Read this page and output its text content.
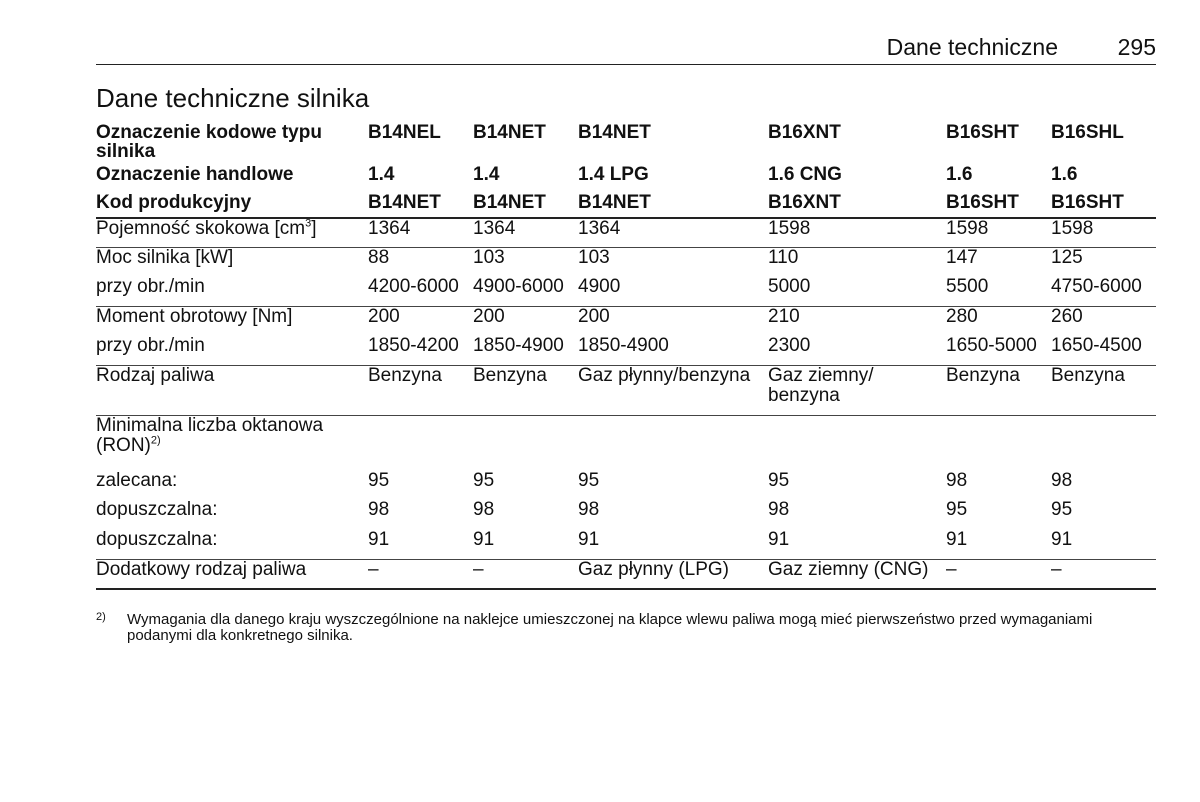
Dane techniczne	295
Dane techniczne silnika
Oznaczenie kodowe typu silnika	B14NEL	B14NET	B14NET	B16XNT	B16SHT	B16SHL
Oznaczenie handlowe	1.4	1.4	1.4 LPG	1.6 CNG	1.6	1.6
Kod produkcyjny	B14NET	B14NET	B14NET	B16XNT	B16SHT	B16SHT
Pojemność skokowa $[cm^3]$	1364	1364	1364	1598	1598	1598
Moc silnika [kW]	88	103	103	110	147	125
przy obr./min	4200-6000	4900-6000	4900	5000	5500	4750-6000
Moment obrotowy [Nm]	200	200	200	210	280	260
przy obr./min	1850-4200	1850-4900	1850-4900	2300	1650-5000	1650-4500
Rodzaj paliwa	Benzyna	Benzyna	Gaz płynny/benzyna	Gaz ziemny/ benzyna	Benzyna	Benzyna
Minimalna liczba oktanowa (RON)$^{2)}$						
zalecana:	95	95	95	95	98	98
dopuszczalna:	98	98	98	98	95	95
dopuszczalna:	91	91	91	91	91	91
Dodatkowy rodzaj paliwa	–	–	Gaz płynny (LPG)	Gaz ziemny (CNG)	–	–
2) Wymagania dla danego kraju wyszczególnione na naklejce umieszczonej na klapce wlewu paliwa mogą mieć pierwszeństwo przed wymaganiami podanymi dla konkretnego silnika.
